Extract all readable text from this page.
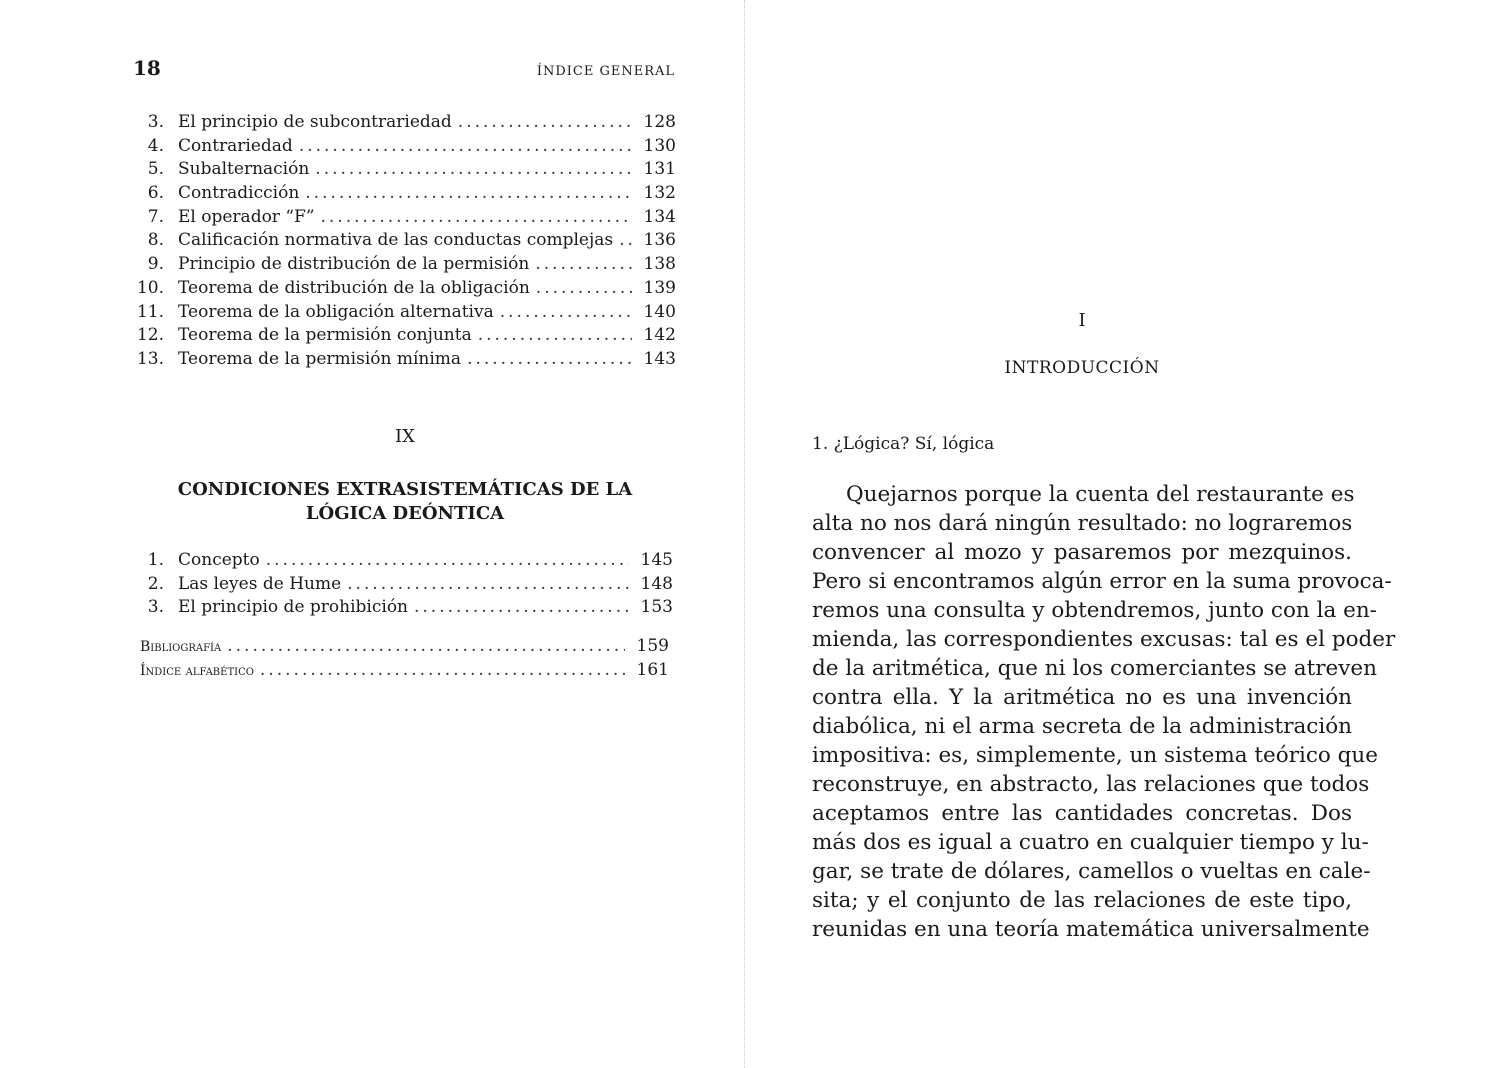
18	ÍNDICE GENERAL
3. El principio de subcontrariedad .....	128
4. Contrariedad .....	130
5. Subalternación .....	131
6. Contradicción .....	132
7. El operador “F” .....	134
8. Calificación normativa de las conductas complejas ..... 136
9. Principio de distribución de la permisión .....	138
10. Teorema de distribución de la obligación .....	139
11. Teorema de la obligación alternativa .....	140
12. Teorema de la permisión conjunta .....	142
13. Teorema de la permisión mínima .....	143
IX
CONDICIONES EXTRASISTEMÁTICAS DE LA
LÓGICA DEÓNTICA
1. Concepto .....	145
2. Las leyes de Hume .....	148
3. El principio de prohibición .....	153
Bibliografía .....	159
Índice alfabético .....	161
I
INTRODUCCIÓN
1. ¿Lógica? Sí, lógica
Quejarnos porque la cuenta del restaurante es
alta no nos dará ningún resultado: no lograremos
convencer al mozo y pasaremos por mezquinos.
Pero si encontramos algún error en la suma provoca-
remos una consulta y obtendremos, junto con la en-
mienda, las correspondientes excusas: tal es el poder
de la aritmética, que ni los comerciantes se atreven
contra ella. Y la aritmética no es una invención
diabólica, ni el arma secreta de la administración
impositiva: es, simplemente, un sistema teórico que
reconstruye, en abstracto, las relaciones que todos
aceptamos entre las cantidades concretas. Dos
más dos es igual a cuatro en cualquier tiempo y lu-
gar, se trate de dólares, camellos o vueltas en cale-
sita; y el conjunto de las relaciones de este tipo,
reunidas en una teoría matemática universalmente
